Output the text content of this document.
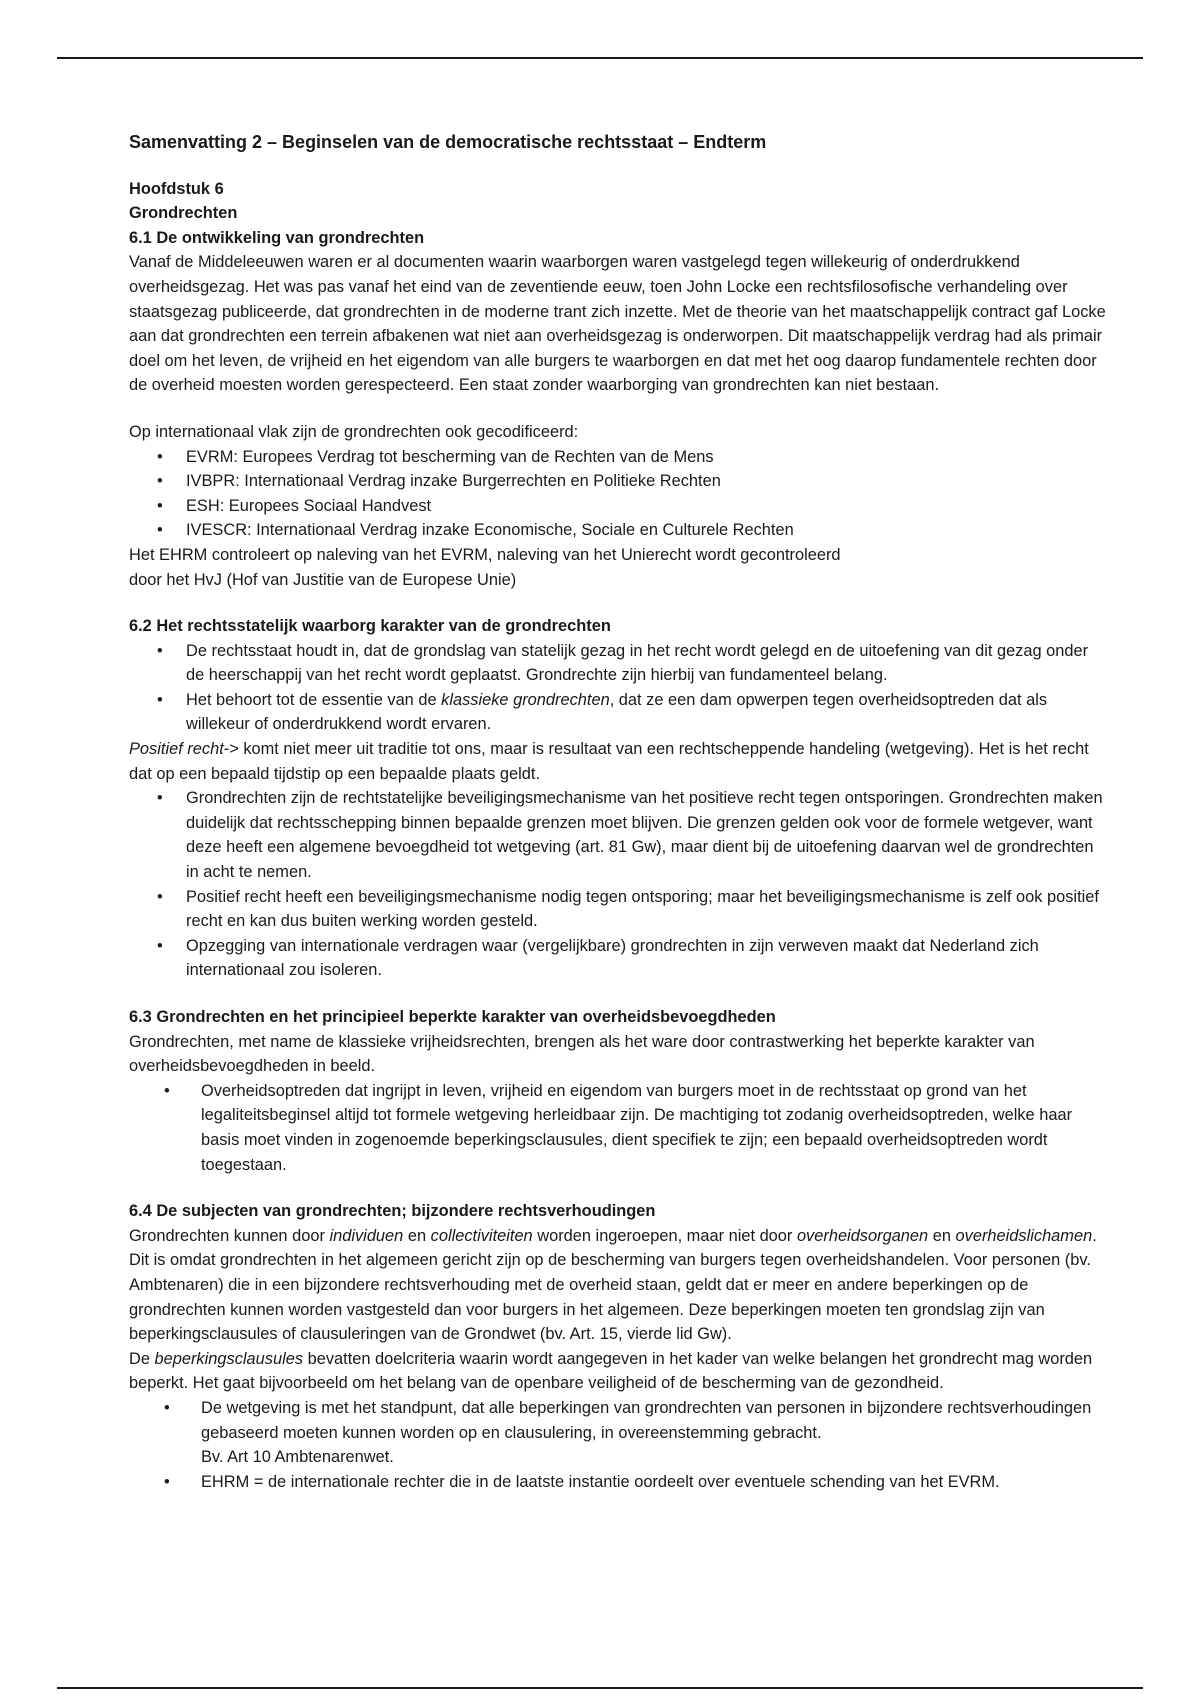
Samenvatting 2 – Beginselen van de democratische rechtsstaat – Endterm

Hoofdstuk 6

Grondrechten

6.1 De ontwikkeling van grondrechten

Vanaf de Middeleeuwen waren er al documenten waarin waarborgen waren vastgelegd tegen willekeurig of onderdrukkend overheidsgezag. Het was pas vanaf het eind van de zeventiende eeuw, toen John Locke een rechtsfilosofische verhandeling over staatsgezag publiceerde, dat grondrechten in de moderne trant zich inzette. Met de theorie van het maatschappelijk contract gaf Locke aan dat grondrechten een terrein afbakenen wat niet aan overheidsgezag is onderworpen. Dit maatschappelijk verdrag had als primair doel om het leven, de vrijheid en het eigendom van alle burgers te waarborgen en dat met het oog daarop fundamentele rechten door de overheid moesten worden gerespecteerd. Een staat zonder waarborging van grondrechten kan niet bestaan.

Op internationaal vlak zijn de grondrechten ook gecodificeerd:

• EVRM: Europees Verdrag tot bescherming van de Rechten van de Mens
• IVBPR: Internationaal Verdrag inzake Burgerrechten en Politieke Rechten
• ESH: Europees Sociaal Handvest
• IVESCR: Internationaal Verdrag inzake Economische, Sociale en Culturele Rechten

Het EHRM controleert op naleving van het EVRM, naleving van het Unierecht wordt gecontroleerd

door het HvJ (Hof van Justitie van de Europese Unie)

6.2 Het rechtsstatelijk waarborg karakter van de grondrechten

• De rechtsstaat houdt in, dat de grondslag van statelijk gezag in het recht wordt gelegd en de uitoefening van dit gezag onder de heerschappij van het recht wordt geplaatst. Grondrechte zijn hierbij van fundamenteel belang.
• Het behoort tot de essentie van de klassieke grondrechten, dat ze een dam opwerpen tegen overheidsoptreden dat als willekeur of onderdrukkend wordt ervaren.

Positief recht-> komt niet meer uit traditie tot ons, maar is resultaat van een rechtscheppende handeling (wetgeving). Het is het recht dat op een bepaald tijdstip op een bepaalde plaats geldt.

• Grondrechten zijn de rechtstatelijke beveiligingsmechanisme van het positieve recht tegen ontsporingen. Grondrechten maken duidelijk dat rechtsschepping binnen bepaalde grenzen moet blijven. Die grenzen gelden ook voor de formele wetgever, want deze heeft een algemene bevoegdheid tot wetgeving (art. 81 Gw), maar dient bij de uitoefening daarvan wel de grondrechten in acht te nemen.
• Positief recht heeft een beveiligingsmechanisme nodig tegen ontsporing; maar het beveiligingsmechanisme is zelf ook positief recht en kan dus buiten werking worden gesteld.
• Opzegging van internationale verdragen waar (vergelijkbare) grondrechten in zijn verweven maakt dat Nederland zich internationaal zou isoleren.

6.3 Grondrechten en het principieel beperkte karakter van overheidsbevoegdheden

Grondrechten, met name de klassieke vrijheidsrechten, brengen als het ware door contrastwerking het beperkte karakter van overheidsbevoegdheden in beeld.

• Overheidsoptreden dat ingrijpt in leven, vrijheid en eigendom van burgers moet in de rechtsstaat op grond van het legaliteitsbeginsel altijd tot formele wetgeving herleidbaar zijn. De machtiging tot zodanig overheidsoptreden, welke haar basis moet vinden in zogenoemde beperkingsclausules, dient specifiek te zijn; een bepaald overheidsoptreden wordt toegestaan.

6.4 De subjecten van grondrechten; bijzondere rechtsverhoudingen

Grondrechten kunnen door individuen en collectiviteiten worden ingeroepen, maar niet door overheidsorganen en overheidslichamen. Dit is omdat grondrechten in het algemeen gericht zijn op de bescherming van burgers tegen overheidshandelen. Voor personen (bv. Ambtenaren) die in een bijzondere rechtsverhouding met de overheid staan, geldt dat er meer en andere beperkingen op de grondrechten kunnen worden vastgesteld dan voor burgers in het algemeen. Deze beperkingen moeten ten grondslag zijn van beperkingsclausules of clausuleringen van de Grondwet (bv. Art. 15, vierde lid Gw).

De beperkingsclausules bevatten doelcriteria waarin wordt aangegeven in het kader van welke belangen het grondrecht mag worden beperkt. Het gaat bijvoorbeeld om het belang van de openbare veiligheid of de bescherming van de gezondheid.

• De wetgeving is met het standpunt, dat alle beperkingen van grondrechten van personen in bijzondere rechtsverhoudingen gebaseerd moeten kunnen worden op en clausulering, in overeenstemming gebracht.
Bv. Art 10 Ambtenarenwet.
• EHRM = de internationale rechter die in de laatste instantie oordeelt over eventuele schending van het EVRM.
